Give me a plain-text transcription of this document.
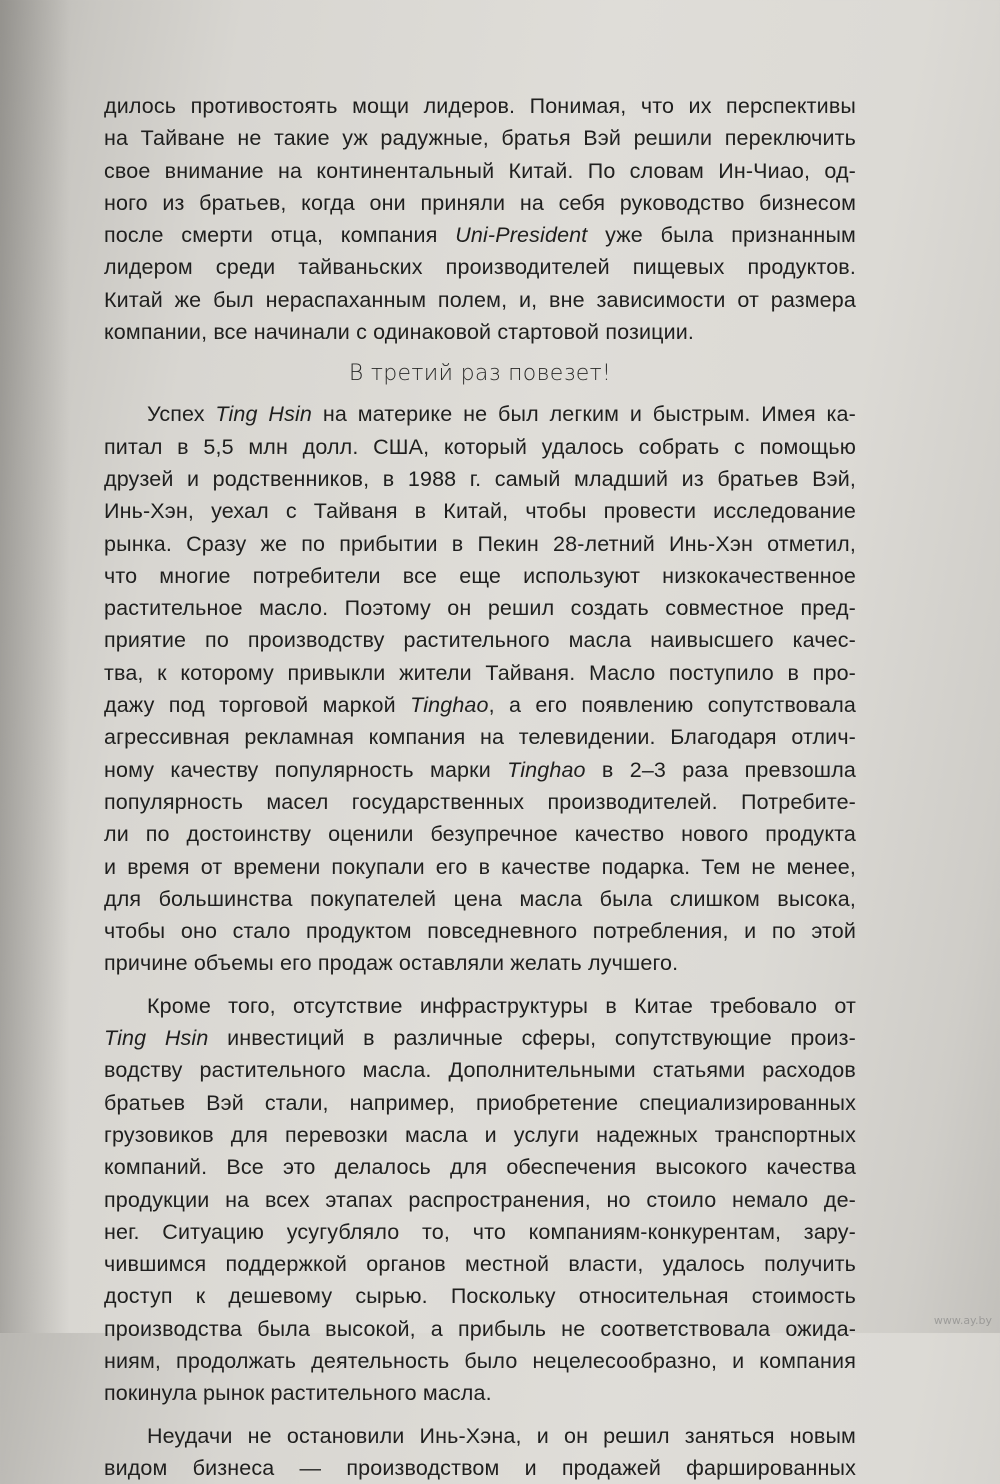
дилось противостоять мощи лидеров. Понимая, что их перспективы
на Тайване не такие уж радужные, братья Вэй решили переключить
свое внимание на континентальный Китай. По словам Ин-Чиао, од-
ного из братьев, когда они приняли на себя руководство бизнесом
после смерти отца, компания Uni-President уже была признанным
лидером среди тайваньских производителей пищевых продуктов.
Китай же был нераспаханным полем, и, вне зависимости от размера
компании, все начинали с одинаковой стартовой позиции.
В третий раз повезет!
Успех Ting Hsin на материке не был легким и быстрым. Имея ка-
питал в 5,5 млн долл. США, который удалось собрать с помощью
друзей и родственников, в 1988 г. самый младший из братьев Вэй,
Инь-Хэн, уехал с Тайваня в Китай, чтобы провести исследование
рынка. Сразу же по прибытии в Пекин 28-летний Инь-Хэн отметил,
что многие потребители все еще используют низкокачественное
растительное масло. Поэтому он решил создать совместное пред-
приятие по производству растительного масла наивысшего качес-
тва, к которому привыкли жители Тайваня. Масло поступило в про-
дажу под торговой маркой Tinghao, а его появлению сопутствовала
агрессивная рекламная компания на телевидении. Благодаря отлич-
ному качеству популярность марки Tinghao в 2–3 раза превзошла
популярность масел государственных производителей. Потребите-
ли по достоинству оценили безупречное качество нового продукта
и время от времени покупали его в качестве подарка. Тем не менее,
для большинства покупателей цена масла была слишком высока,
чтобы оно стало продуктом повседневного потребления, и по этой
причине объемы его продаж оставляли желать лучшего.
Кроме того, отсутствие инфраструктуры в Китае требовало от
Ting Hsin инвестиций в различные сферы, сопутствующие произ-
водству растительного масла. Дополнительными статьями расходов
братьев Вэй стали, например, приобретение специализированных
грузовиков для перевозки масла и услуги надежных транспортных
компаний. Все это делалось для обеспечения высокого качества
продукции на всех этапах распространения, но стоило немало де-
нег. Ситуацию усугубляло то, что компаниям-конкурентам, зару-
чившимся поддержкой органов местной власти, удалось получить
доступ к дешевому сырью. Поскольку относительная стоимость
производства была высокой, а прибыль не соответствовала ожида-
ниям, продолжать деятельность было нецелесообразно, и компания
покинула рынок растительного масла.
Неудачи не остановили Инь-Хэна, и он решил заняться новым
видом бизнеса — производством и продажей фаршированных
www.ay.by
